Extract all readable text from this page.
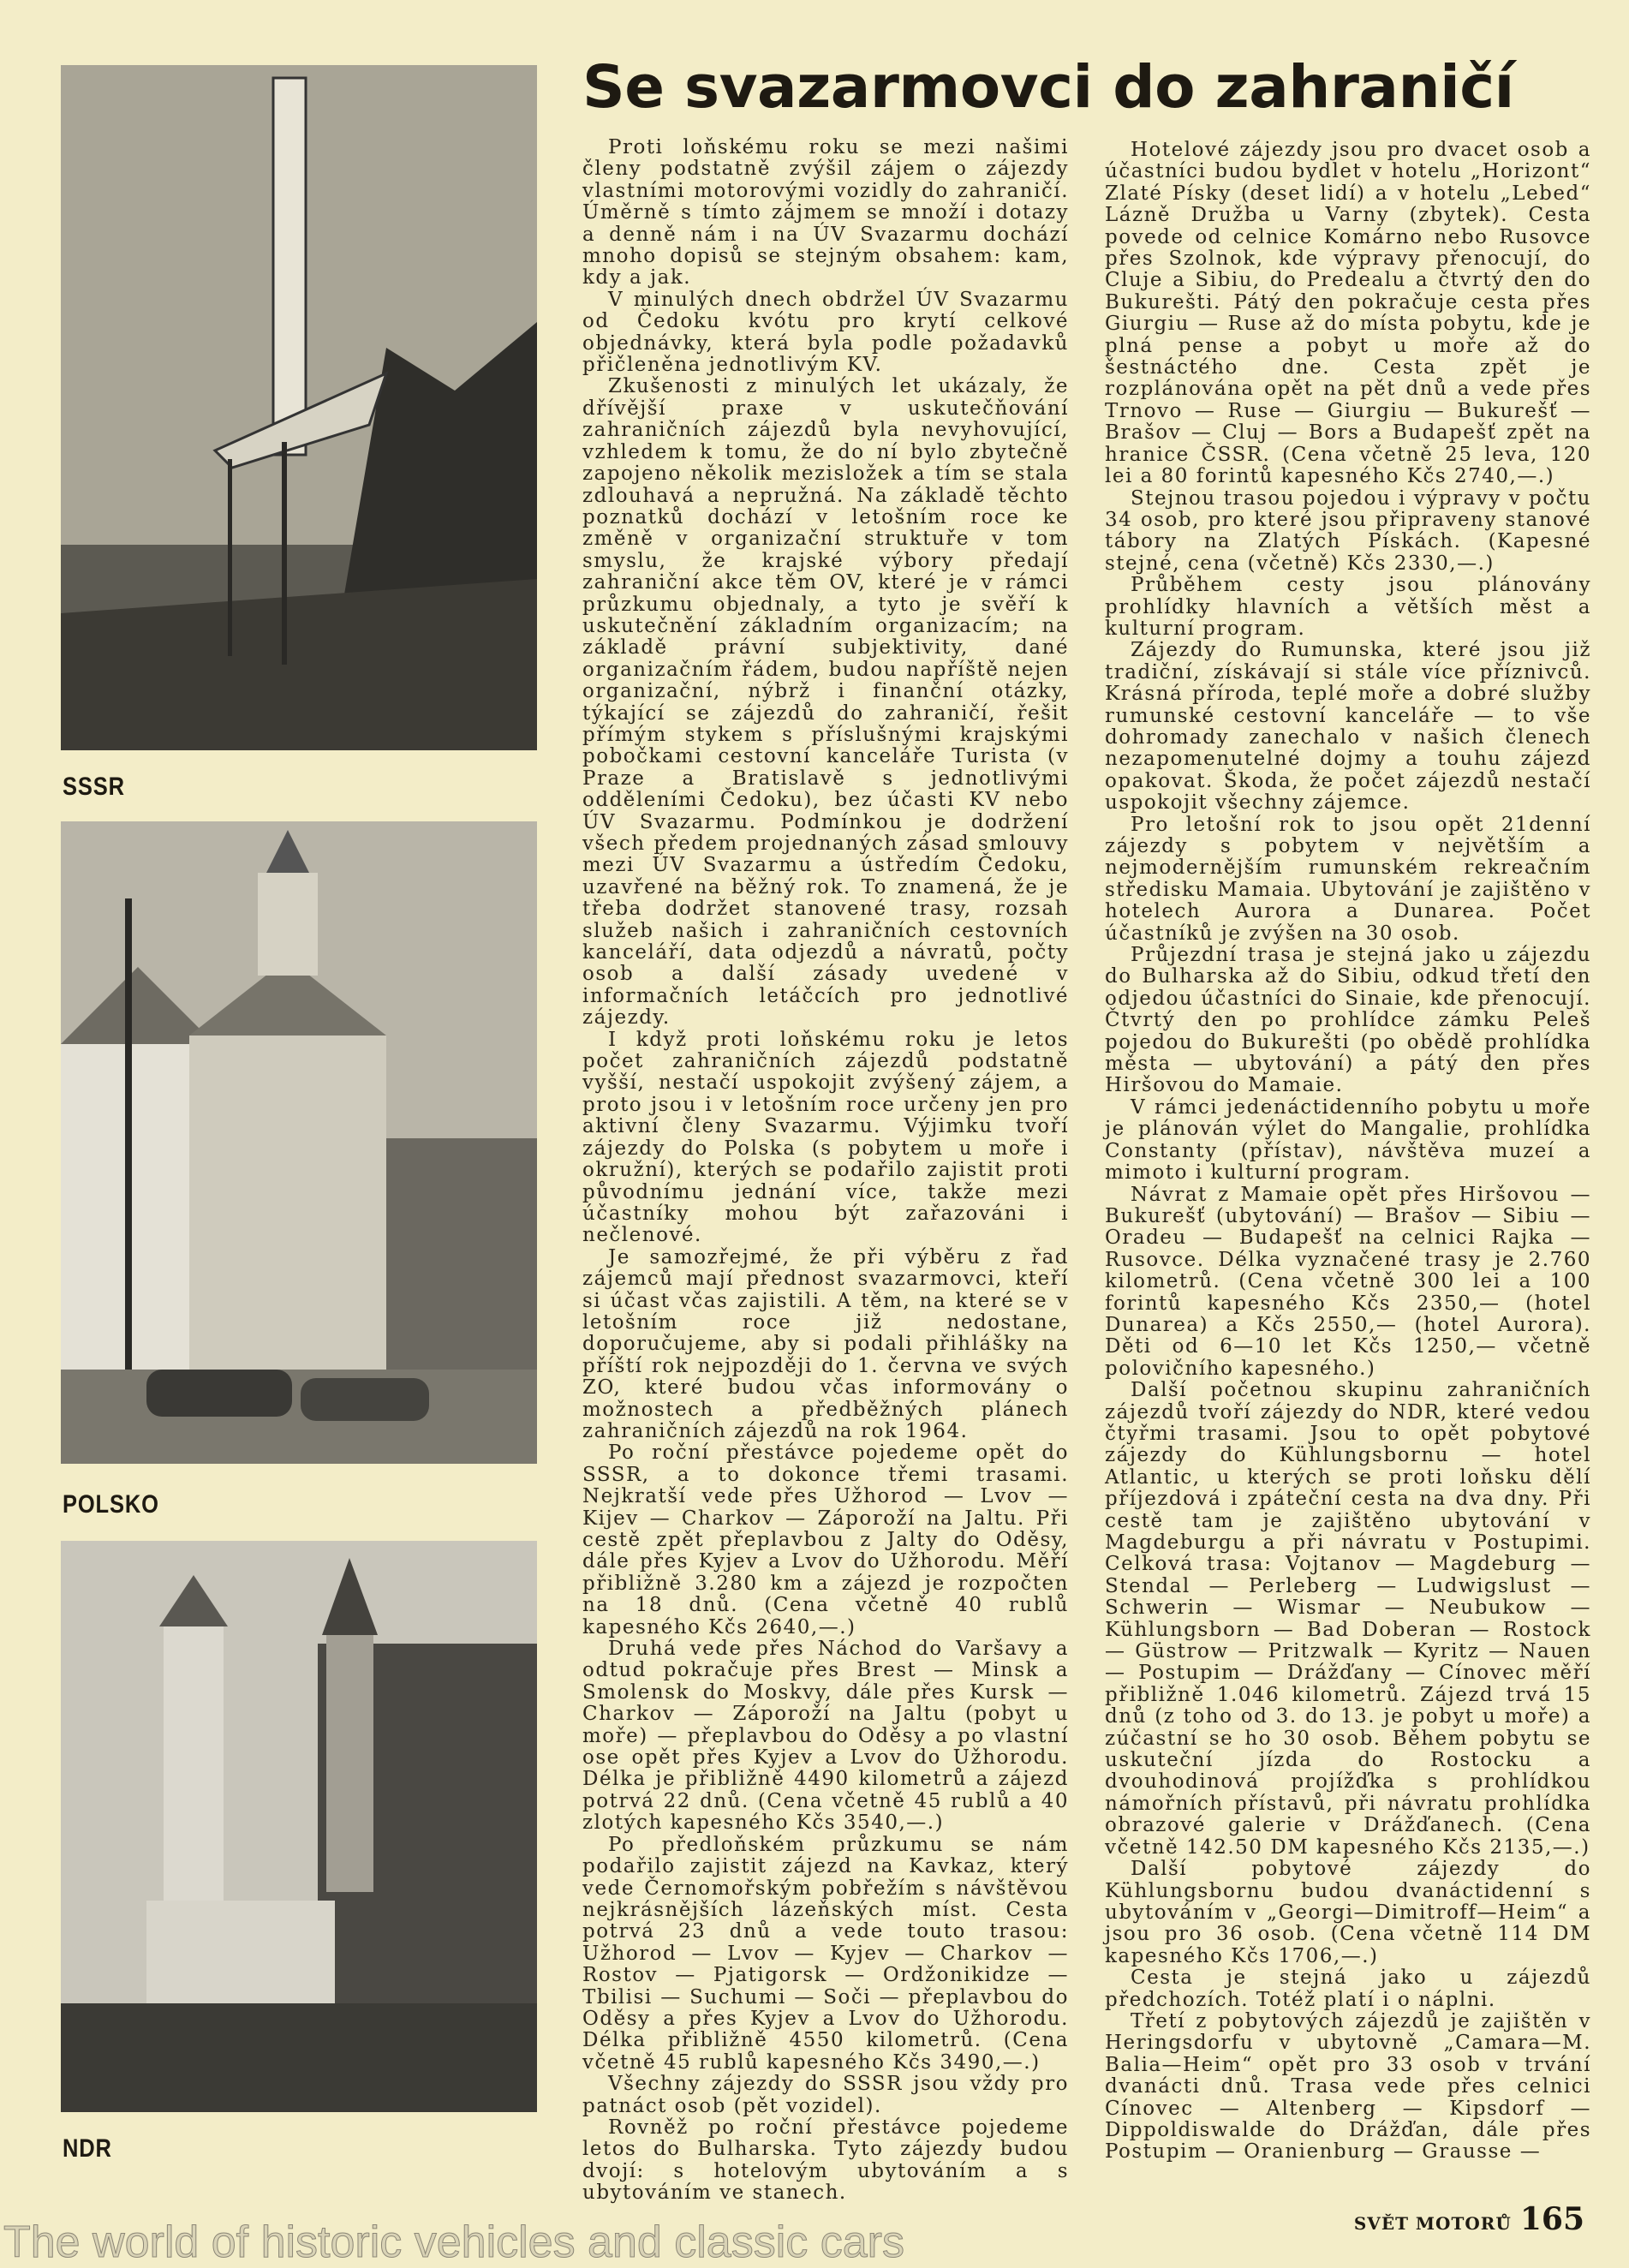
SSSR
POLSKO
NDR
Se svazarmovci do zahraničí

Proti loňskému roku se mezi našimi členy podstatně zvýšil zájem o zájezdy vlastními motorovými vozidly do zahraničí. Úměrně s tímto zájmem se množí i dotazy a denně nám i na ÚV Svazarmu dochází mnoho dopisů se stejným obsahem: kam, kdy a jak.

V minulých dnech obdržel ÚV Svazarmu od Čedoku kvótu pro krytí celkové objednávky, která byla podle požadavků přičleněna jednotlivým KV.

Zkušenosti z minulých let ukázaly, že dřívější praxe v uskutečňování zahraničních zájezdů byla nevyhovující, vzhledem k tomu, že do ní bylo zbytečně zapojeno několik mezisložek a tím se stala zdlouhavá a nepružná. Na základě těchto poznatků dochází v letošním roce ke změně v organizační struktuře v tom smyslu, že krajské výbory předají zahraniční akce těm OV, které je v rámci průzkumu objednaly, a tyto je svěří k uskutečnění základním organizacím; na základě právní subjektivity, dané organizačním řádem, budou napříště nejen organizační, nýbrž i finanční otázky, týkající se zájezdů do zahraničí, řešit přímým stykem s příslušnými krajskými pobočkami cestovní kanceláře Turista (v Praze a Bratislavě s jednotlivými odděleními Čedoku), bez účasti KV nebo ÚV Svazarmu. Podmínkou je dodržení všech předem projednaných zásad smlouvy mezi ÚV Svazarmu a ústředím Čedoku, uzavřené na běžný rok. To znamená, že je třeba dodržet stanovené trasy, rozsah služeb našich i zahraničních cestovních kanceláří, data odjezdů a návratů, počty osob a další zásady uvedené v informačních letáčcích pro jednotlivé zájezdy.

I když proti loňskému roku je letos počet zahraničních zájezdů podstatně vyšší, nestačí uspokojit zvýšený zájem, a proto jsou i v letošním roce určeny jen pro aktivní členy Svazarmu. Výjimku tvoří zájezdy do Polska (s pobytem u moře i okružní), kterých se podařilo zajistit proti původnímu jednání více, takže mezi účastníky mohou být zařazováni i nečlenové.

Je samozřejmé, že při výběru z řad zájemců mají přednost svazarmovci, kteří si účast včas zajistili. A těm, na které se v letošním roce již nedostane, doporučujeme, aby si podali přihlášky na příští rok nejpozději do 1. června ve svých ZO, které budou včas informovány o možnostech a předběžných plánech zahraničních zájezdů na rok 1964.

Po roční přestávce pojedeme opět do SSSR, a to dokonce třemi trasami. Nejkratší vede přes Užhorod — Lvov — Kijev — Charkov — Záporoží na Jaltu. Při cestě zpět přeplavbou z Jalty do Oděsy, dále přes Kyjev a Lvov do Užhorodu. Měří přibližně 3.280 km a zájezd je rozpočten na 18 dnů. (Cena včetně 40 rublů kapesného Kčs 2640,—.)

Druhá vede přes Náchod do Varšavy a odtud pokračuje přes Brest — Minsk a Smolensk do Moskvy, dále přes Kursk — Charkov — Záporoží na Jaltu (pobyt u moře) — přeplavbou do Oděsy a po vlastní ose opět přes Kyjev a Lvov do Užhorodu. Délka je přibližně 4490 kilometrů a zájezd potrvá 22 dnů. (Cena včetně 45 rublů a 40 zlotých kapesného Kčs 3540,—.)

Po předloňském průzkumu se nám podařilo zajistit zájezd na Kavkaz, který vede Černomořským pobřežím s návštěvou nejkrásnějších lázeňských míst. Cesta potrvá 23 dnů a vede touto trasou: Užhorod — Lvov — Kyjev — Charkov — Rostov — Pjatigorsk — Ordžonikidze — Tbilisi — Suchumi — Soči — přeplavbou do Oděsy a přes Kyjev a Lvov do Užhorodu. Délka přibližně 4550 kilometrů. (Cena včetně 45 rublů kapesného Kčs 3490,—.)

Všechny zájezdy do SSSR jsou vždy pro patnáct osob (pět vozidel).

Rovněž po roční přestávce pojedeme letos do Bulharska. Tyto zájezdy budou dvojí: s hotelovým ubytováním a s ubytováním ve stanech.

Hotelové zájezdy jsou pro dvacet osob a účastníci budou bydlet v hotelu „Horizont“ Zlaté Písky (deset lidí) a v hotelu „Lebed“ Lázně Družba u Varny (zbytek). Cesta povede od celnice Komárno nebo Rusovce přes Szolnok, kde výpravy přenocují, do Cluje a Sibiu, do Predealu a čtvrtý den do Bukurešti. Pátý den pokračuje cesta přes Giurgiu — Ruse až do místa pobytu, kde je plná pense a pobyt u moře až do šestnáctého dne. Cesta zpět je rozplánována opět na pět dnů a vede přes Trnovo — Ruse — Giurgiu — Bukurešť — Brašov — Cluj — Bors a Budapešť zpět na hranice ČSSR. (Cena včetně 25 leva, 120 lei a 80 forintů kapesného Kčs 2740,—.)

Stejnou trasou pojedou i výpravy v počtu 34 osob, pro které jsou připraveny stanové tábory na Zlatých Pískách. (Kapesné stejné, cena (včetně) Kčs 2330,—.)

Průběhem cesty jsou plánovány prohlídky hlavních a větších měst a kulturní program.

Zájezdy do Rumunska, které jsou již tradiční, získávají si stále více příznivců. Krásná příroda, teplé moře a dobré služby rumunské cestovní kanceláře — to vše dohromady zanechalo v našich členech nezapomenutelné dojmy a touhu zájezd opakovat. Škoda, že počet zájezdů nestačí uspokojit všechny zájemce.

Pro letošní rok to jsou opět 21denní zájezdy s pobytem v největším a nejmodernějším rumunském rekreačním středisku Mamaia. Ubytování je zajištěno v hotelech Aurora a Dunarea. Počet účastníků je zvýšen na 30 osob.

Průjezdní trasa je stejná jako u zájezdu do Bulharska až do Sibiu, odkud třetí den odjedou účastníci do Sinaie, kde přenocují. Čtvrtý den po prohlídce zámku Peleš pojedou do Bukurešti (po obědě prohlídka města — ubytování) a pátý den přes Hiršovou do Mamaie.

V rámci jedenáctidenního pobytu u moře je plánován výlet do Mangalie, prohlídka Constanty (přístav), návštěva muzeí a mimoto i kulturní program.

Návrat z Mamaie opět přes Hiršovou — Bukurešť (ubytování) — Brašov — Sibiu — Oradeu — Budapešť na celnici Rajka — Rusovce. Délka vyznačené trasy je 2.760 kilometrů. (Cena včetně 300 lei a 100 forintů kapesného Kčs 2350,— (hotel Dunarea) a Kčs 2550,— (hotel Aurora). Děti od 6—10 let Kčs 1250,— včetně polovičního kapesného.)

Další početnou skupinu zahraničních zájezdů tvoří zájezdy do NDR, které vedou čtyřmi trasami. Jsou to opět pobytové zájezdy do Kühlungsbornu — hotel Atlantic, u kterých se proti loňsku dělí příjezdová i zpáteční cesta na dva dny. Při cestě tam je zajištěno ubytování v Magdeburgu a při návratu v Postupimi. Celková trasa: Vojtanov — Magdeburg — Stendal — Perleberg — Ludwigslust — Schwerin — Wismar — Neubukow — Kühlungsborn — Bad Doberan — Rostock — Güstrow — Pritzwalk — Kyritz — Nauen — Postupim — Drážďany — Cínovec měří přibližně 1.046 kilometrů. Zájezd trvá 15 dnů (z toho od 3. do 13. je pobyt u moře) a zúčastní se ho 30 osob. Během pobytu se uskuteční jízda do Rostocku a dvouhodinová projížďka s prohlídkou námořních přístavů, při návratu prohlídka obrazové galerie v Drážďanech. (Cena včetně 142.50 DM kapesného Kčs 2135,—.)

Další pobytové zájezdy do Kühlungsbornu budou dvanáctidenní s ubytováním v „Georgi—Dimitroff—Heim“ a jsou pro 36 osob. (Cena včetně 114 DM kapesného Kčs 1706,—.)

Cesta je stejná jako u zájezdů předchozích. Totéž platí i o náplni.

Třetí z pobytových zájezdů je zajištěn v Heringsdorfu v ubytovně „Camara—M. Balia—Heim“ opět pro 33 osob v trvání dvanácti dnů. Trasa vede přes celnici Cínovec — Altenberg — Kipsdorf — Dippoldiswalde do Drážďan, dále přes Postupim — Oranienburg — Grausse —

SVĚT MOTORŮ 165
The world of historic vehicles and classic cars
